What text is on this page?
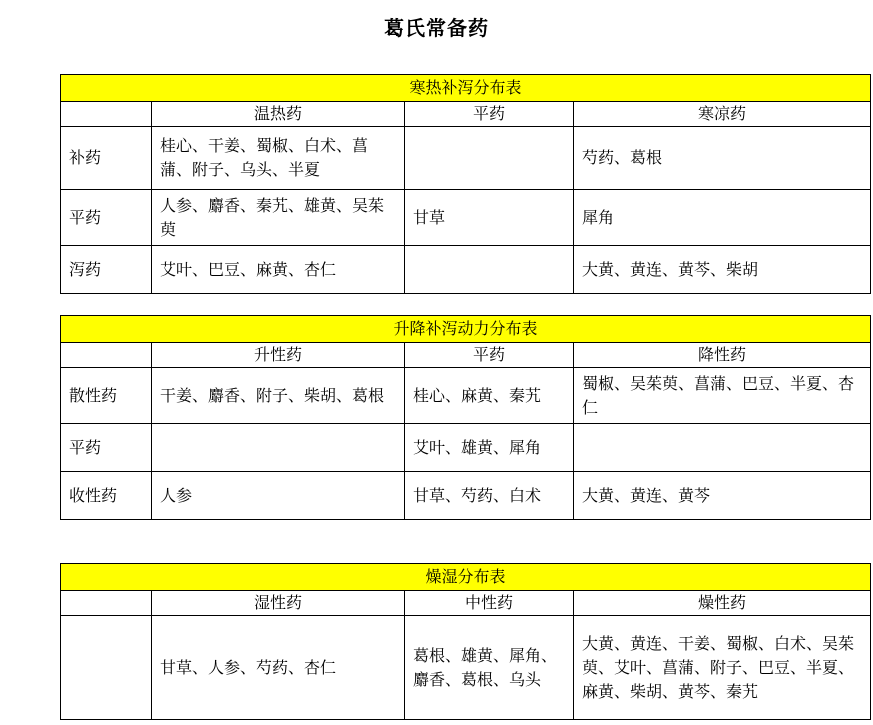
葛氏常备药
寒热补泻分布表			
	温热药	平药	寒凉药
补药	桂心、干姜、蜀椒、白术、菖蒲、附子、乌头、半夏		芍药、葛根
平药	人参、麝香、秦艽、雄黄、吴茱萸	甘草	犀角
泻药	艾叶、巴豆、麻黄、杏仁		大黄、黄连、黄芩、柴胡
升降补泻动力分布表			
	升性药	平药	降性药
散性药	干姜、麝香、附子、柴胡、葛根	桂心、麻黄、秦艽	蜀椒、吴茱萸、菖蒲、巴豆、半夏、杏仁
平药		艾叶、雄黄、犀角	
收性药	人参	甘草、芍药、白术	大黄、黄连、黄芩
燥湿分布表			
	湿性药	中性药	燥性药
	甘草、人参、芍药、杏仁	葛根、雄黄、犀角、麝香、葛根、乌头	大黄、黄连、干姜、蜀椒、白术、吴茱萸、艾叶、菖蒲、附子、巴豆、半夏、麻黄、柴胡、黄芩、秦艽
